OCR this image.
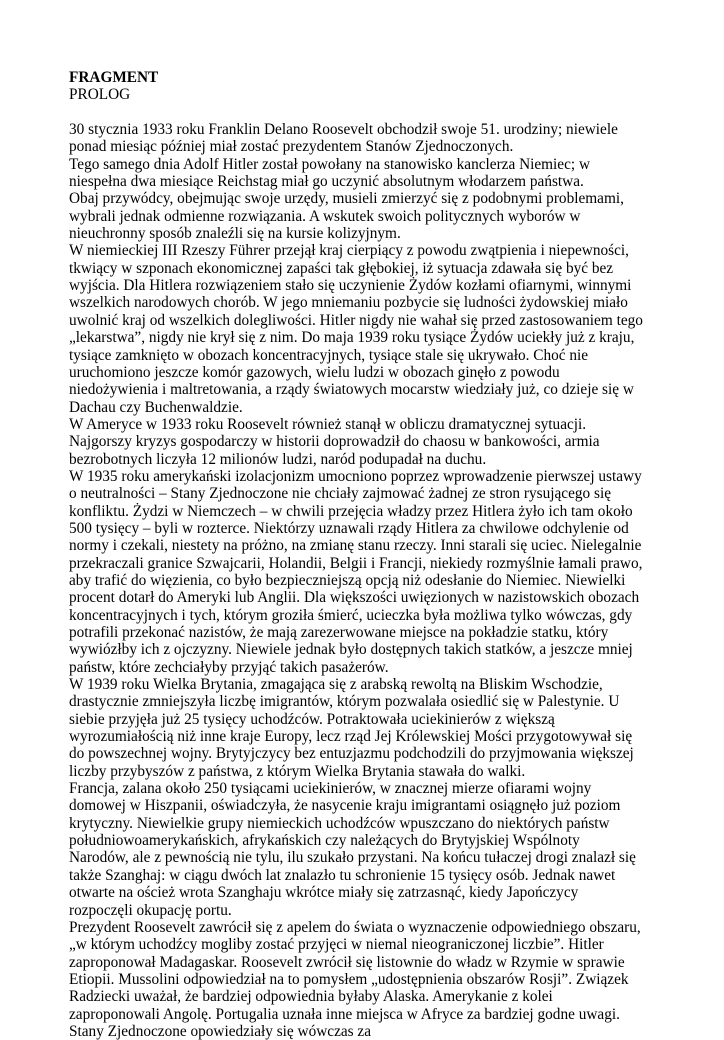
FRAGMENT

PROLOG

30 stycznia 1933 roku Franklin Delano Roosevelt obchodził swoje 51. urodziny; niewiele ponad miesiąc później miał zostać prezydentem Stanów Zjednoczonych.

Tego samego dnia Adolf Hitler został powołany na stanowisko kanclerza Niemiec; w niespełna dwa miesiące Reichstag miał go uczynić absolutnym włodarzem państwa.

Obaj przywódcy, obejmując swoje urzędy, musieli zmierzyć się z podobnymi problemami, wybrali jednak odmienne rozwiązania. A wskutek swoich politycznych wyborów w nieuchronny sposób znaleźli się na kursie kolizyjnym.

W niemieckiej III Rzeszy Führer przejął kraj cierpiący z powodu zwątpienia i niepewności, tkwiący w szponach ekonomicznej zapaści tak głębokiej, iż sytuacja zdawała się być bez wyjścia. Dla Hitlera rozwiązeniem stało się uczynienie Żydów kozłami ofiarnymi, winnymi wszelkich narodowych chorób. W jego mniemaniu pozbycie się ludności żydowskiej miało uwolnić kraj od wszelkich dolegliwości. Hitler nigdy nie wahał się przed zastosowaniem tego „lekarstwa”, nigdy nie krył się z nim. Do maja 1939 roku tysiące Żydów uciekły już z kraju, tysiące zamknięto w obozach koncentracyjnych, tysiące stale się ukrywało. Choć nie uruchomiono jeszcze komór gazowych, wielu ludzi w obozach ginęło z powodu niedożywienia i maltretowania, a rządy światowych mocarstw wiedziały już, co dzieje się w Dachau czy Buchenwaldzie.

W Ameryce w 1933 roku Roosevelt również stanął w obliczu dramatycznej sytuacji. Najgorszy kryzys gospodarczy w historii doprowadził do chaosu w bankowości, armia bezrobotnych liczyła 12 milionów ludzi, naród podupadał na duchu.

W 1935 roku amerykański izolacjonizm umocniono poprzez wprowadzenie pierwszej ustawy o neutralności – Stany Zjednoczone nie chciały zajmować żadnej ze stron rysującego się konfliktu. Żydzi w Niemczech – w chwili przejęcia władzy przez Hitlera żyło ich tam około 500 tysięcy – byli w rozterce. Niektórzy uznawali rządy Hitlera za chwilowe odchylenie od normy i czekali, niestety na próżno, na zmianę stanu rzeczy. Inni starali się uciec. Nielegalnie przekraczali granice Szwajcarii, Holandii, Belgii i Francji, niekiedy rozmyślnie łamali prawo, aby trafić do więzienia, co było bezpieczniejszą opcją niż odesłanie do Niemiec. Niewielki procent dotarł do Ameryki lub Anglii. Dla większości uwięzionych w nazistowskich obozach koncentracyjnych i tych, którym groziła śmierć, ucieczka była możliwa tylko wówczas, gdy potrafili przekonać nazistów, że mają zarezerwowane miejsce na pokładzie statku, który wywiózłby ich z ojczyzny. Niewiele jednak było dostępnych takich statków, a jeszcze mniej państw, które zechciałyby przyjąć takich pasażerów.

W 1939 roku Wielka Brytania, zmagająca się z arabską rewoltą na Bliskim Wschodzie, drastycznie zmniejszyła liczbę imigrantów, którym pozwalała osiedlić się w Palestynie. U siebie przyjęła już 25 tysięcy uchodźców. Potraktowała uciekinierów z większą wyrozumiałością niż inne kraje Europy, lecz rząd Jej Królewskiej Mości przygotowywał się do powszechnej wojny. Brytyjczycy bez entuzjazmu podchodzili do przyjmowania większej liczby przybyszów z państwa, z którym Wielka Brytania stawała do walki.

Francja, zalana około 250 tysiącami uciekinierów, w znacznej mierze ofiarami wojny domowej w Hiszpanii, oświadczyła, że nasycenie kraju imigrantami osiągnęło już poziom krytyczny. Niewielkie grupy niemieckich uchodźców wpuszczano do niektórych państw południowoamerykańskich, afrykańskich czy należących do Brytyjskiej Wspólnoty Narodów, ale z pewnością nie tylu, ilu szukało przystani. Na końcu tułaczej drogi znalazł się także Szanghaj: w ciągu dwóch lat znalazło tu schronienie 15 tysięcy osób. Jednak nawet otwarte na oścież wrota Szanghaju wkrótce miały się zatrzasnąć, kiedy Japończycy rozpoczęli okupację portu.

Prezydent Roosevelt zawrócił się z apelem do świata o wyznaczenie odpowiedniego obszaru, „w którym uchodźcy mogliby zostać przyjęci w niemal nieograniczonej liczbie”. Hitler zaproponował Madagaskar. Roosevelt zwrócił się listownie do władz w Rzymie w sprawie Etiopii. Mussolini odpowiedział na to pomysłem „udostępnienia obszarów Rosji”. Związek Radziecki uważał, że bardziej odpowiednia byłaby Alaska. Amerykanie z kolei zaproponowali Angolę. Portugalia uznała inne miejsca w Afryce za bardziej godne uwagi. Stany Zjednoczone opowiedziały się wówczas za
